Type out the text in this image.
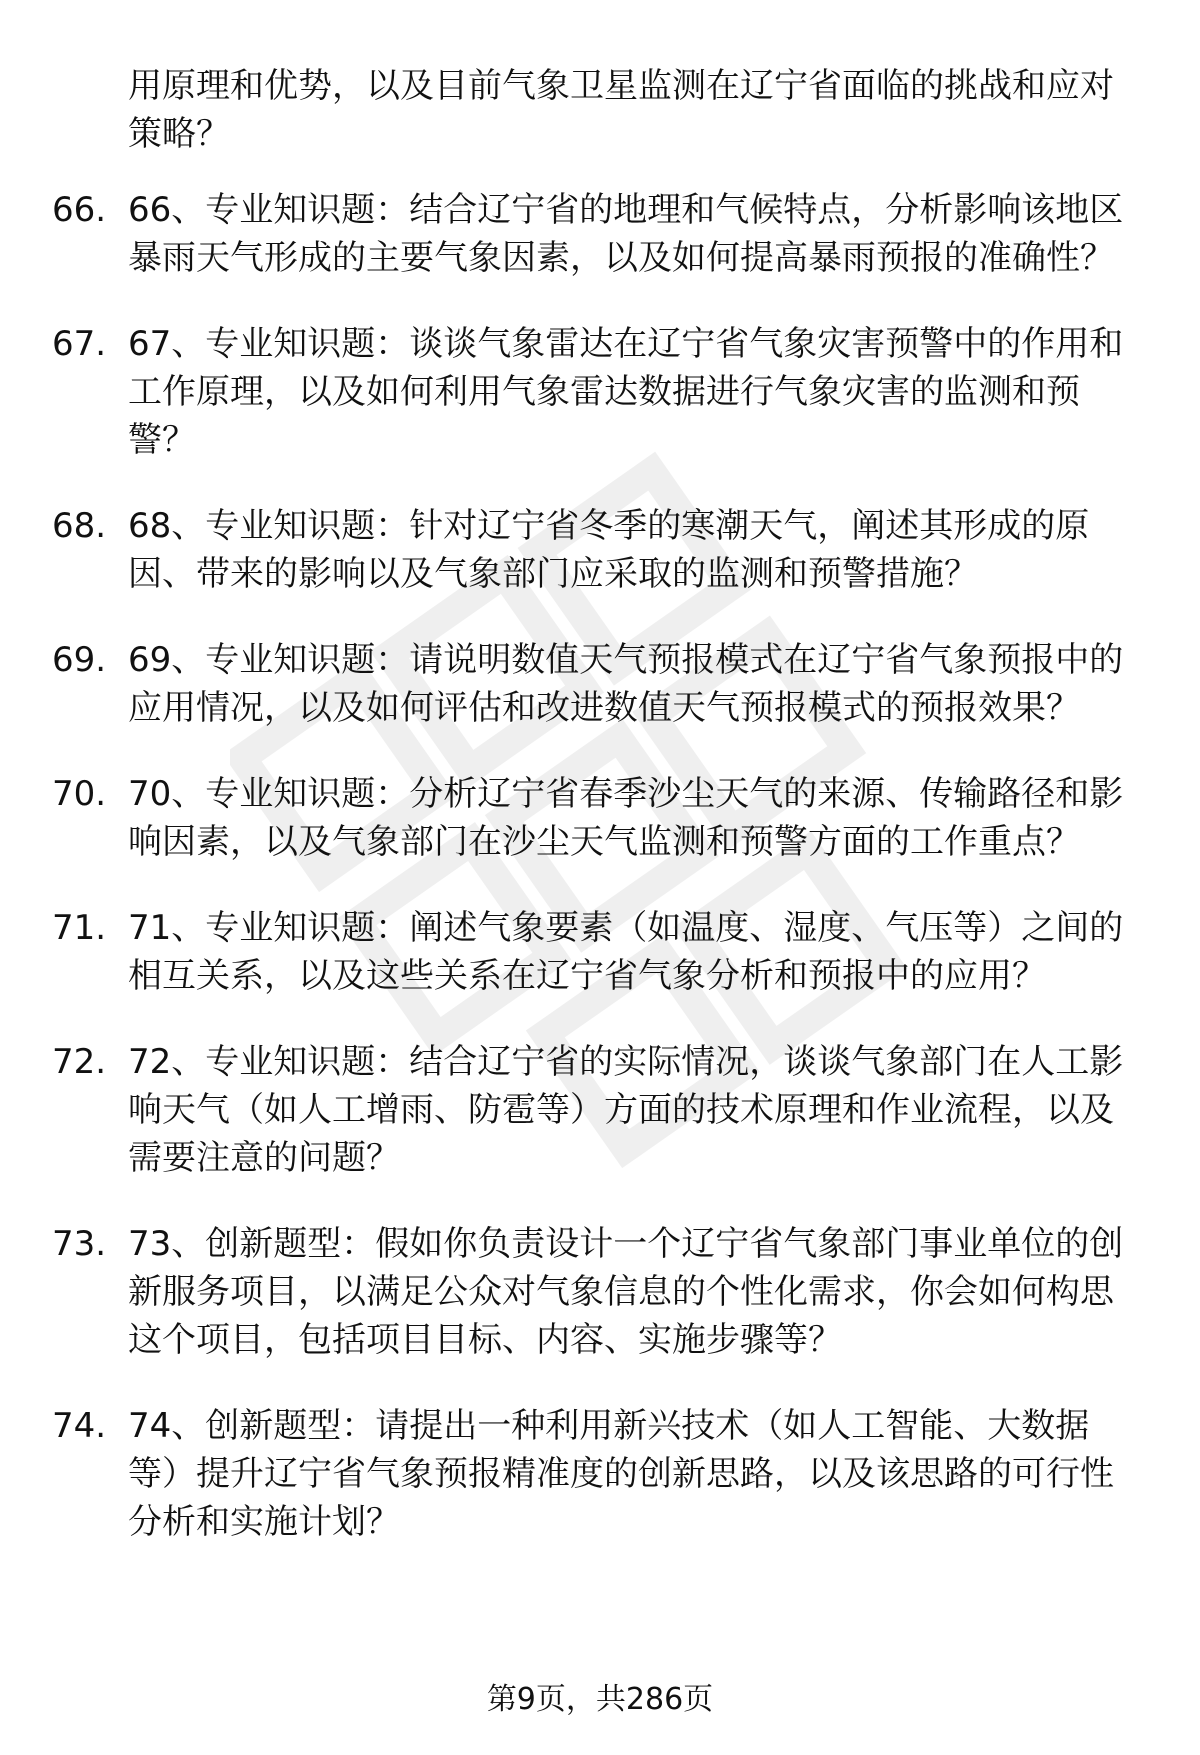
用原理和优势，以及目前气象卫星监测在辽宁省面临的挑战和应对策略？

66. 66、专业知识题：结合辽宁省的地理和气候特点，分析影响该地区暴雨天气形成的主要气象因素，以及如何提高暴雨预报的准确性？
67. 67、专业知识题：谈谈气象雷达在辽宁省气象灾害预警中的作用和工作原理，以及如何利用气象雷达数据进行气象灾害的监测和预警？
68. 68、专业知识题：针对辽宁省冬季的寒潮天气，阐述其形成的原因、带来的影响以及气象部门应采取的监测和预警措施？
69. 69、专业知识题：请说明数值天气预报模式在辽宁省气象预报中的应用情况，以及如何评估和改进数值天气预报模式的预报效果？
70. 70、专业知识题：分析辽宁省春季沙尘天气的来源、传输路径和影响因素，以及气象部门在沙尘天气监测和预警方面的工作重点？
71. 71、专业知识题：阐述气象要素（如温度、湿度、气压等）之间的相互关系，以及这些关系在辽宁省气象分析和预报中的应用？
72. 72、专业知识题：结合辽宁省的实际情况，谈谈气象部门在人工影响天气（如人工增雨、防雹等）方面的技术原理和作业流程，以及需要注意的问题？
73. 73、创新题型：假如你负责设计一个辽宁省气象部门事业单位的创新服务项目，以满足公众对气象信息的个性化需求，你会如何构思这个项目，包括项目目标、内容、实施步骤等？
74. 74、创新题型：请提出一种利用新兴技术（如人工智能、大数据等）提升辽宁省气象预报精准度的创新思路，以及该思路的可行性分析和实施计划？
第9页，共286页
